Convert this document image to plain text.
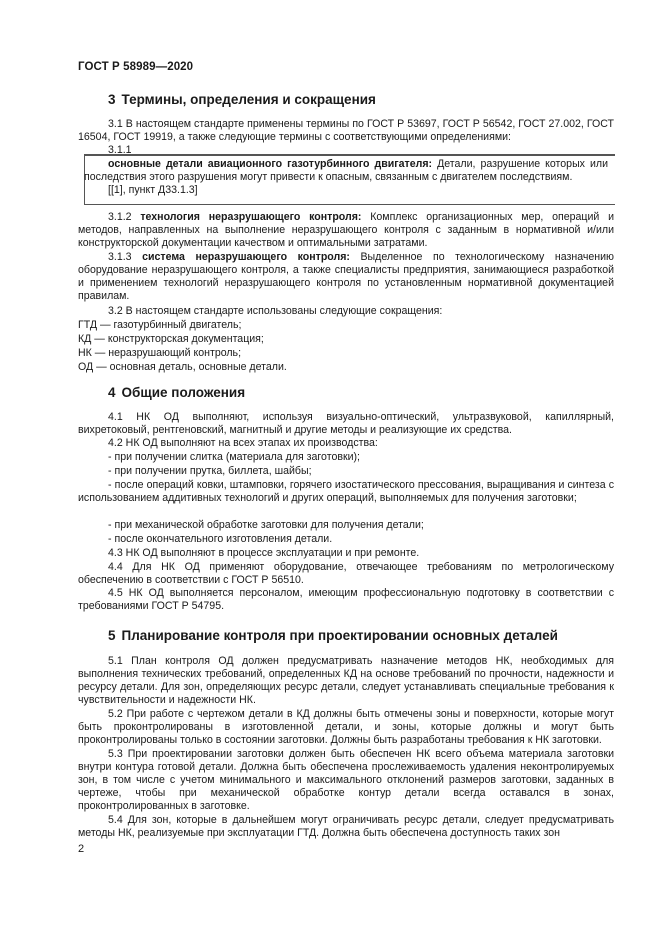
ГОСТ Р 58989—2020
3 Термины, определения и сокращения

3.1 В настоящем стандарте применены термины по ГОСТ Р 53697, ГОСТ Р 56542, ГОСТ 27.002, ГОСТ 16504, ГОСТ 19919, а также следующие термины с соответствующими определениями:

3.1.1

основные детали авиационного газотурбинного двигателя: Детали, разрушение которых или последствия этого разрушения могут привести к опасным, связанным с двигателем последствиям.

[[1], пункт Д33.1.3]

3.1.2 технология неразрушающего контроля: Комплекс организационных мер, операций и методов, направленных на выполнение неразрушающего контроля с заданным в нормативной и/или конструкторской документации качеством и оптимальными затратами.

3.1.3 система неразрушающего контроля: Выделенное по технологическому назначению оборудование неразрушающего контроля, а также специалисты предприятия, занимающиеся разработкой и применением технологий неразрушающего контроля по установленным нормативной документацией правилам.

3.2 В настоящем стандарте использованы следующие сокращения:
ГТД — газотурбинный двигатель;
КД — конструкторская документация;
НК — неразрушающий контроль;
ОД — основная деталь, основные детали.
4 Общие положения

4.1 НК ОД выполняют, используя визуально-оптический, ультразвуковой, капиллярный, вихретоковый, рентгеновский, магнитный и другие методы и реализующие их средства.

4.2 НК ОД выполняют на всех этапах их производства:
- при получении слитка (материала для заготовки);
- при получении прутка, биллета, шайбы;

- после операций ковки, штамповки, горячего изостатического прессования, выращивания и синтеза с использованием аддитивных технологий и других операций, выполняемых для получения заготовки;

- при механической обработке заготовки для получения детали;
- после окончательного изготовления детали.
4.3 НК ОД выполняют в процессе эксплуатации и при ремонте.

4.4 Для НК ОД применяют оборудование, отвечающее требованиям по метрологическому обеспечению в соответствии с ГОСТ Р 56510.

4.5 НК ОД выполняется персоналом, имеющим профессиональную подготовку в соответствии с требованиями ГОСТ Р 54795.

5 Планирование контроля при проектировании основных деталей

5.1 План контроля ОД должен предусматривать назначение методов НК, необходимых для выполнения технических требований, определенных КД на основе требований по прочности, надежности и ресурсу детали. Для зон, определяющих ресурс детали, следует устанавливать специальные требования к чувствительности и надежности НК.

5.2 При работе с чертежом детали в КД должны быть отмечены зоны и поверхности, которые могут быть проконтролированы в изготовленной детали, и зоны, которые должны и могут быть проконтролированы только в состоянии заготовки. Должны быть разработаны требования к НК заготовки.

5.3 При проектировании заготовки должен быть обеспечен НК всего объема материала заготовки внутри контура готовой детали. Должна быть обеспечена прослеживаемость удаления неконтролируемых зон, в том числе с учетом минимального и максимального отклонений размеров заготовки, заданных в чертеже, чтобы при механической обработке контур детали всегда оставался в зонах, проконтролированных в заготовке.

5.4 Для зон, которые в дальнейшем могут ограничивать ресурс детали, следует предусматривать методы НК, реализуемые при эксплуатации ГТД. Должна быть обеспечена доступность таких зон

2
